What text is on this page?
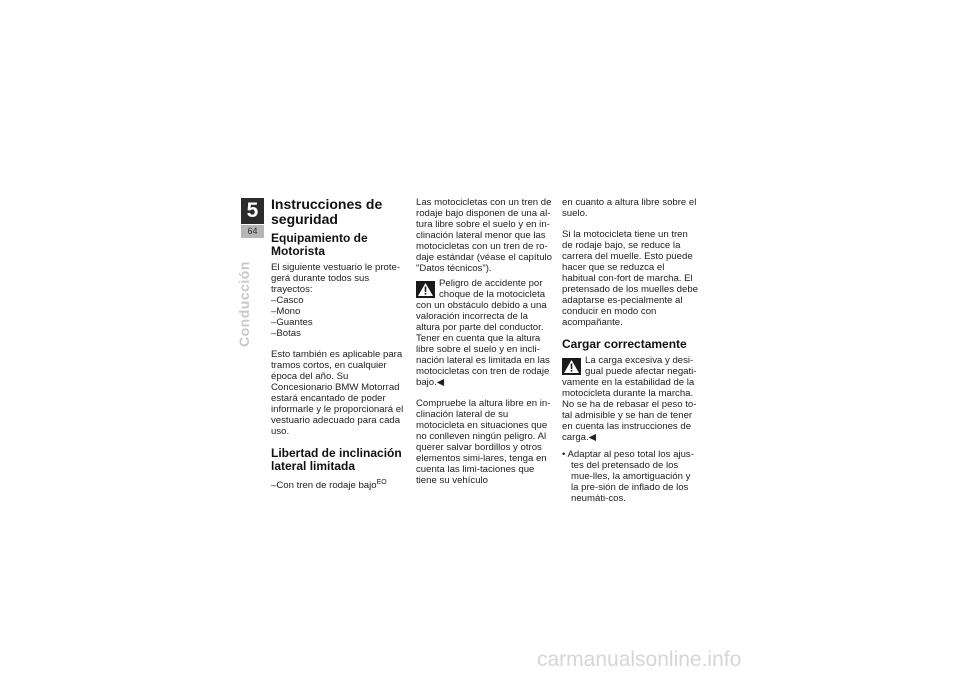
5
64
Conducción
Instrucciones de seguridad
Equipamiento de Motorista

El siguiente vestuario le prote-gerá durante todos sus trayectos:

– Casco
– Mono
– Guantes
– Botas

Esto también es aplicable para tramos cortos, en cualquier época del año. Su Concesionario BMW Motorrad estará encantado de poder informarle y le proporcionará el vestuario adecuado para cada uso.

Libertad de inclinación lateral limitada
– Con tren de rodaje bajo$^{EO}$

Las motocicletas con un tren de rodaje bajo disponen de una al-tura libre sobre el suelo y en in-clinación lateral menor que las motocicletas con un tren de ro-daje estándar (véase el capítulo "Datos técnicos").

Peligro de accidente por choque de la motocicleta

con un obstáculo debido a una valoración incorrecta de la altura por parte del conductor.

Tener en cuenta que la altura libre sobre el suelo y en incli-nación lateral es limitada en las motocicletas con tren de rodaje bajo.◀

Compruebe la altura libre en in-clinación lateral de su motocicleta en situaciones que no conlleven ningún peligro. Al querer salvar bordillos y otros elementos simi-lares, tenga en cuenta las limi-taciones que tiene su vehículo

en cuanto a altura libre sobre el suelo.

Si la motocicleta tiene un tren de rodaje bajo, se reduce la carrera del muelle. Esto puede hacer que se reduzca el habitual con-fort de marcha. El pretensado de los muelles debe adaptarse es-pecialmente al conducir en modo con acompañante.

Cargar correctamente

La carga excesiva y desi-gual puede afectar negati-

vamente en la estabilidad de la motocicleta durante la marcha.

No se ha de rebasar el peso to-tal admisible y se han de tener en cuenta las instrucciones de carga.◀

• Adaptar al peso total los ajus-tes del pretensado de los mue-lles, la amortiguación y la pre-sión de inflado de los neumáti-cos.
carmanualsonline.info
